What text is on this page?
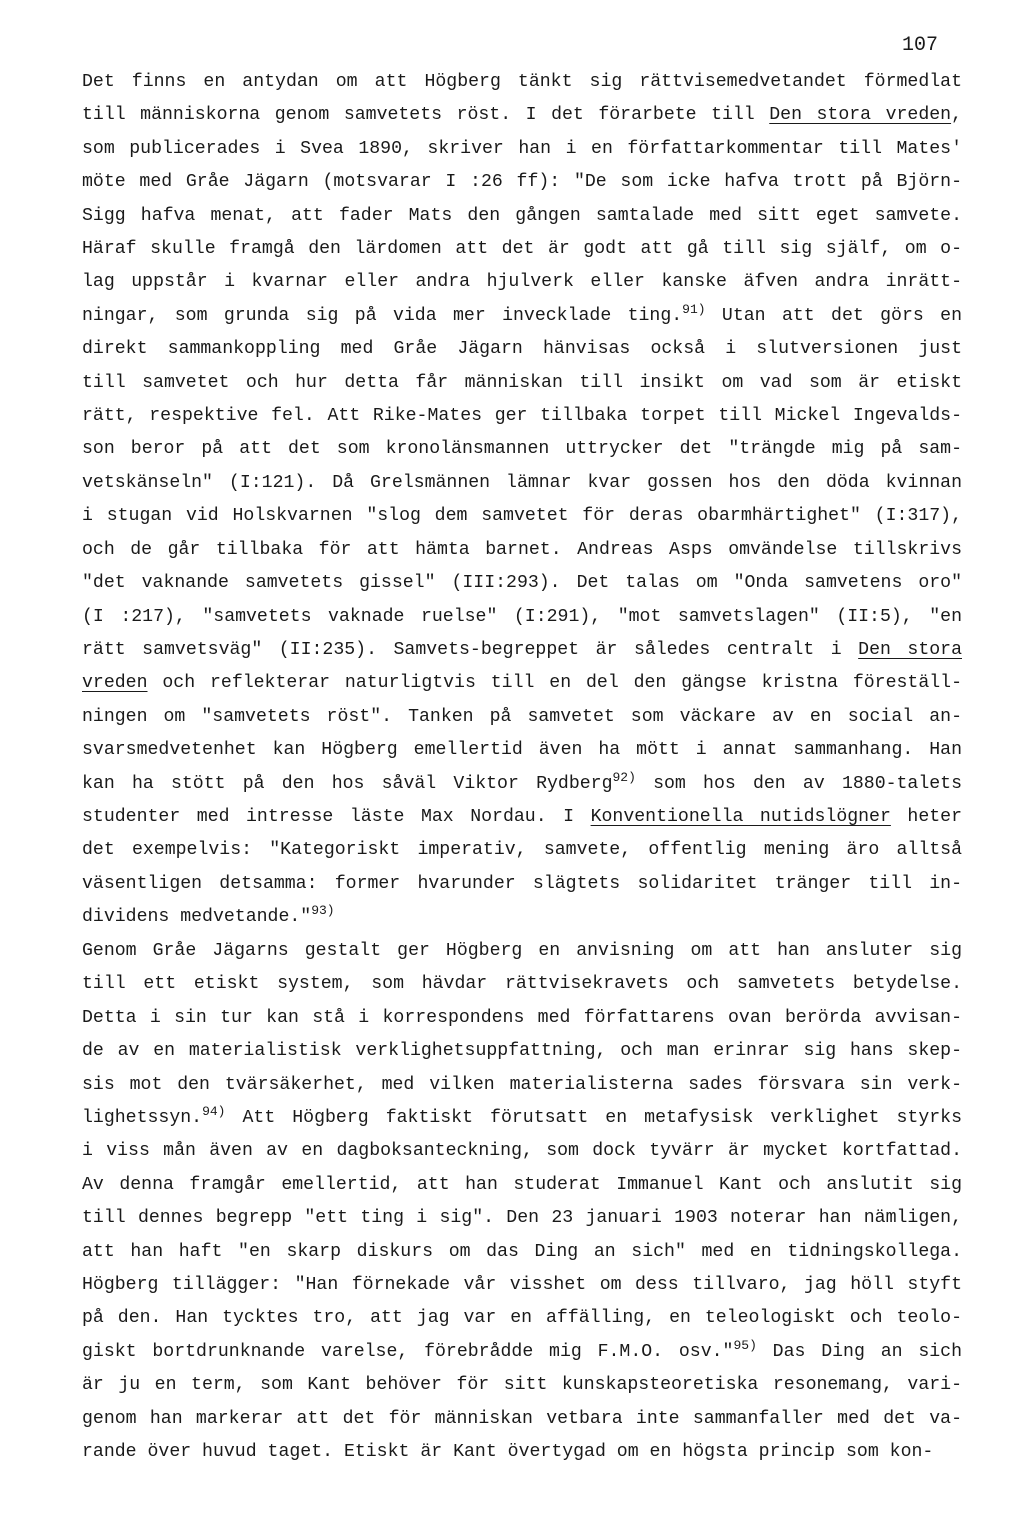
107

Det finns en antydan om att Högberg tänkt sig rättvisemedvetandet förmedlat
till människorna genom samvetets röst. I det förarbete till Den stora vreden,
som publicerades i Svea 1890, skriver han i en författarkommentar till Mates'
möte med Gråe Jägarn (motsvarar I :26 ff): "De som icke hafva trott på Björn-
Sigg hafva menat, att fader Mats den gången samtalade med sitt eget samvete.
Häraf skulle framgå den lärdomen att det är godt att gå till sig själf, om o-
lag uppstår i kvarnar eller andra hjulverk eller kanske äfven andra inrätt-
ningar, som grunda sig på vida mer invecklade ting.$^{91)}$ Utan att det görs en
direkt sammankoppling med Gråe Jägarn hänvisas också i slutversionen just
till samvetet och hur detta får människan till insikt om vad som är etiskt
rätt, respektive fel. Att Rike-Mates ger tillbaka torpet till Mickel Ingevalds-
son beror på att det som kronolänsmannen uttrycker det "trängde mig på sam-
vetskänseln" (I:121). Då Grelsmännen lämnar kvar gossen hos den döda kvinnan
i stugan vid Holskvarnen "slog dem samvetet för deras obarmhärtighet" (I:317),
och de går tillbaka för att hämta barnet. Andreas Asps omvändelse tillskrivs
"det vaknande samvetets gissel" (III:293). Det talas om "Onda samvetens oro"
(I :217), "samvetets vaknade ruelse" (I:291), "mot samvetslagen" (II:5), "en
rätt samvetsväg" (II:235). Samvets-begreppet är således centralt i Den stora
vreden och reflekterar naturligtvis till en del den gängse kristna föreställ-
ningen om "samvetets röst". Tanken på samvetet som väckare av en social an-
svarsmedvetenhet kan Högberg emellertid även ha mött i annat sammanhang. Han
kan ha stött på den hos såväl Viktor Rydberg$^{92)}$ som hos den av 1880-talets
studenter med intresse läste Max Nordau. I Konventionella nutidslögner heter
det exempelvis: "Kategoriskt imperativ, samvete, offentlig mening äro alltså
väsentligen detsamma: former hvarunder slägtets solidaritet tränger till in-
dividens medvetande."$^{93)}$

Genom Gråe Jägarns gestalt ger Högberg en anvisning om att han ansluter sig
till ett etiskt system, som hävdar rättvisekravets och samvetets betydelse.
Detta i sin tur kan stå i korrespondens med författarens ovan berörda avvisan-
de av en materialistisk verklighetsuppfattning, och man erinrar sig hans skep-
sis mot den tvärsäkerhet, med vilken materialisterna sades försvara sin verk-
lighetssyn.$^{94)}$ Att Högberg faktiskt förutsatt en metafysisk verklighet styrks
i viss mån även av en dagboksanteckning, som dock tyvärr är mycket kortfattad.
Av denna framgår emellertid, att han studerat Immanuel Kant och anslutit sig
till dennes begrepp "ett ting i sig". Den 23 januari 1903 noterar han nämligen,
att han haft "en skarp diskurs om das Ding an sich" med en tidningskollega.
Högberg tillägger: "Han förnekade vår visshet om dess tillvaro, jag höll styft
på den. Han tycktes tro, att jag var en affälling, en teleologiskt och teolo-
giskt bortdrunknande varelse, förebrådde mig F.M.O. osv."$^{95)}$ Das Ding an sich
är ju en term, som Kant behöver för sitt kunskapsteoretiska resonemang, vari-
genom han markerar att det för människan vetbara inte sammanfaller med det va-
rande över huvud taget. Etiskt är Kant övertygad om en högsta princip som kon-
